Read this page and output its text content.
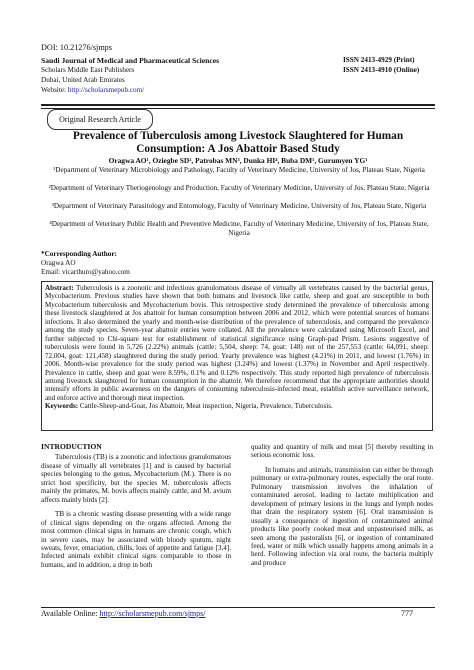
DOI: 10.21276/sjmps
Saudi Journal of Medical and Pharmaceutical Sciences	ISSN 2413-4929 (Print)
Scholars Middle East Publishers	ISSN 2413-4910 (Online)
Dubai, United Arab Emirates
Website: http://scholarsmepub.com/
Original Research Article
Prevalence of Tuberculosis among Livestock Slaughtered for Human Consumption: A Jos Abattoir Based Study
Oragwa AO¹, Oziegbe SD², Patrobas MN³, Dunka HI⁴, Buba DM¹, Gurumyen YG¹
¹Department of Veterinary Microbiology and Pathology, Faculty of Veterinary Medicine, University of Jos, Plateau State, Nigeria
²Department of Veterinary Theriogenology and Production, Faculty of Veterinary Medicine, University of Jos, Plateau State, Nigeria
³Department of Veterinary Parasitology and Entomology, Faculty of Veterinary Medicine, University of Jos, Plateau State, Nigeria
⁴Department of Veterinary Public Health and Preventive Medicine, Faculty of Veterinary Medicine, University of Jos, Plateau State, Nigeria
*Corresponding Author:
Oragwa AO
Email: vicarthuro@yahoo.com
Abstract: Tuberculosis is a zoonotic and infectious granulomatous disease of virtually all vertebrates caused by the bacterial genus, Mycobacterium. Previous studies have shown that both humans and livestock like cattle, sheep and goat are susceptible to both Mycobacterium tuberculosis and Mycobacterium bovis. This retrospective study determined the prevalence of tuberculosis among these livestock slaughtered at Jos abattoir for human consumption between 2006 and 2012, which were potential sources of humans infections. It also determined the yearly and month-wise distribution of the prevalence of tuberculosis, and compared the prevalence among the study species. Seven-year abattoir entries were collated. All the prevalence were calculated using Microsoft Excel, and further subjected to Chi-square test for establishment of statistical significance using Graph-pad Prism. Lesions suggestive of tuberculosis were found in 5,726 (2.22%) animals (cattle: 5,504, sheep: 74, goat: 148) out of the 257,553 (cattle: 64,091, sheep: 72,004, goat: 121,458) slaughtered during the study period. Yearly prevalence was highest (4.21%) in 2011, and lowest (1.76%) in 2006. Month-wise prevalence for the study period was highest (3.24%) and lowest (1.37%) in November and April respectively. Prevalence in cattle, sheep and goat were 8.59%, 0.1% and 0.12% respectively. This study reported high prevalence of tuberculosis among livestock slaughtered for human consumption in the abattoir. We therefore recommend that the appropriate authorities should intensify efforts in public awareness on the dangers of consuming tuberculosis-infected meat, establish active surveillance network, and enforce active and thorough meat inspection.
Keywords: Cattle-Sheep-and-Goat, Jos Abattoir, Meat inspection, Nigeria, Prevalence, Tuberculosis.
INTRODUCTION

Tuberculosis (TB) is a zoonotic and infectious granulomatous disease of virtually all vertebrates [1] and is caused by bacterial species belonging to the genus, Mycobacterium (M.). There is no strict host specificity, but the species M. tuberculosis affects mainly the primates, M. bovis affects mainly cattle, and M. avium affects mainly birds [2].

TB is a chronic wasting disease presenting with a wide range of clinical signs depending on the organs affected. Among the most common clinical signs in humans are chronic cough, which in severe cases, may be associated with bloody sputum, night sweats, fever, emaciation, chills, loss of appetite and fatigue [3,4]. Infected animals exhibit clinical signs comparable to those in humans, and in addition, a drop in both

quality and quantity of milk and meat [5] thereby resulting in serious economic loss.

In humans and animals, transmission can either be through pulmonary or extra-pulmonary routes, especially the oral route. Pulmonary transmission involves the inhalation of contaminated aerosol, leading to lactate multiplication and development of primary lesions in the lungs and lymph nodes that drain the respiratory system [6]. Oral transmission is usually a consequence of ingestion of contaminated animal products like poorly cooked meat and unpasteurised milk, as seen among the pastoralists [6], or ingestion of contaminated feed, water or milk which usually happens among animals in a herd. Following infection via oral route, the bacteria multiply and produce

Available Online: http://scholarsmepub.com/sjmps/	777
